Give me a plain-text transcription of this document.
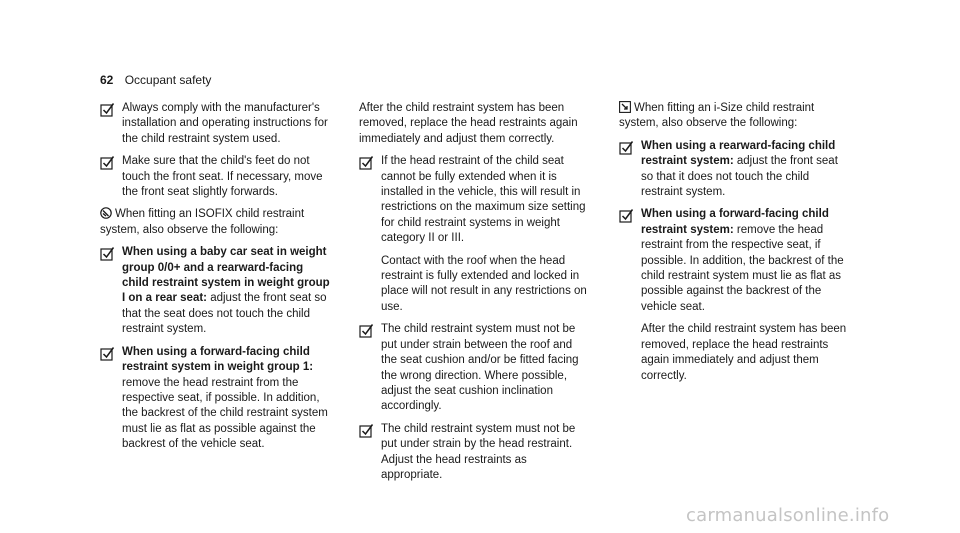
62 Occupant safety

Always comply with the manufacturer's installation and operating instructions for the child restraint system used.

Make sure that the child's feet do not touch the front seat. If necessary, move the front seat slightly forwards.

When fitting an ISOFIX child restraint system, also observe the following:

When using a baby car seat in weight group 0/0+ and a rearward-facing child restraint system in weight group I on a rear seat: adjust the front seat so that the seat does not touch the child restraint system.

When using a forward-facing child restraint system in weight group 1: remove the head restraint from the respective seat, if possible. In addition, the backrest of the child restraint system must lie as flat as possible against the backrest of the vehicle seat.

After the child restraint system has been removed, replace the head restraints again immediately and adjust them correctly.

If the head restraint of the child seat cannot be fully extended when it is installed in the vehicle, this will result in restrictions on the maximum size setting for child restraint systems in weight category II or III.

Contact with the roof when the head restraint is fully extended and locked in place will not result in any restrictions on use.

The child restraint system must not be put under strain between the roof and the seat cushion and/or be fitted facing the wrong direction. Where possible, adjust the seat cushion inclination accordingly.

The child restraint system must not be put under strain by the head restraint. Adjust the head restraints as appropriate.

When fitting an i-Size child restraint system, also observe the following:

When using a rearward-facing child restraint system: adjust the front seat so that it does not touch the child restraint system.

When using a forward-facing child restraint system: remove the head restraint from the respective seat, if possible. In addition, the backrest of the child restraint system must lie as flat as possible against the backrest of the vehicle seat.

After the child restraint system has been removed, replace the head restraints again immediately and adjust them correctly.

carmanualsonline.info
